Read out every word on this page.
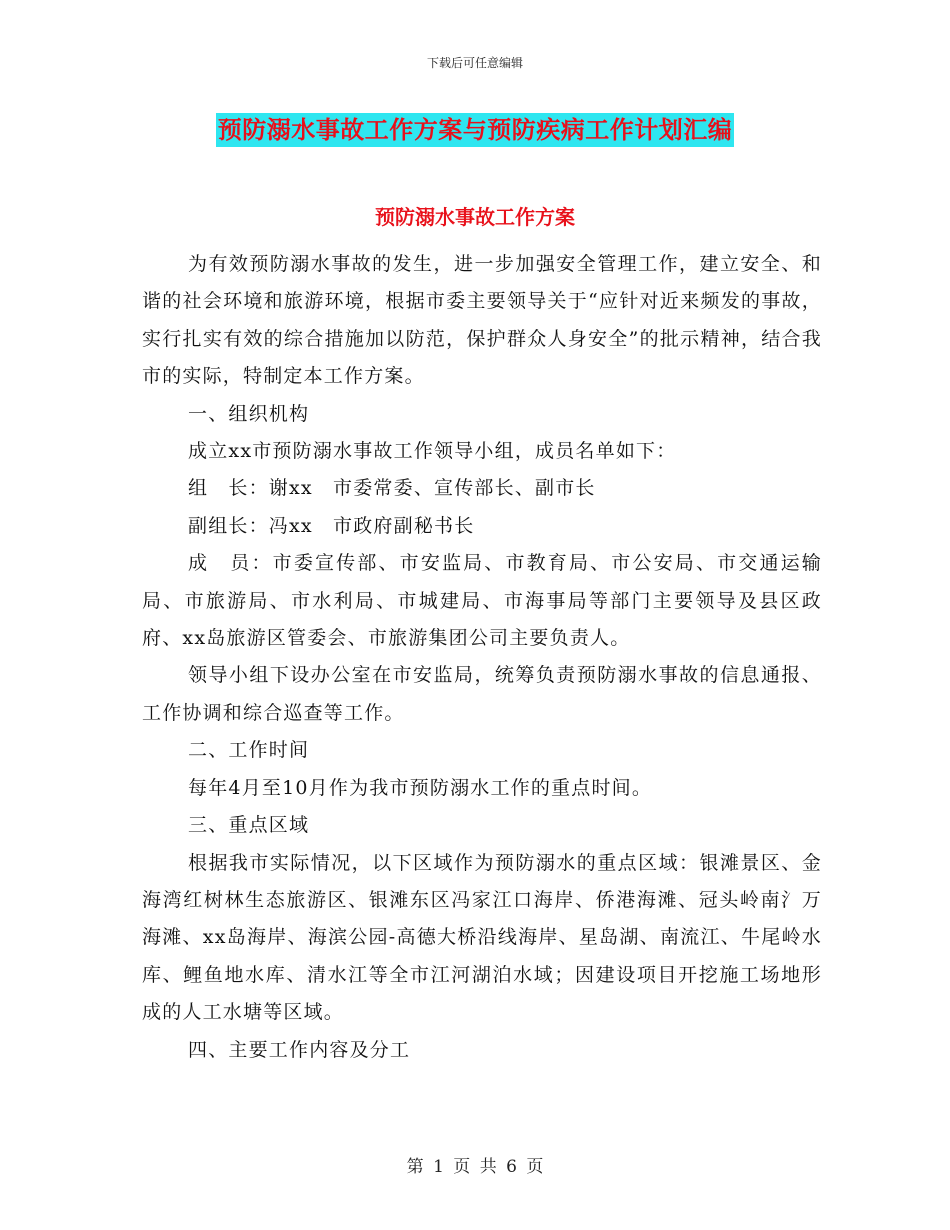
下载后可任意编辑
预防溺水事故工作方案与预防疾病工作计划汇编
预防溺水事故工作方案

为有效预防溺水事故的发生，进一步加强安全管理工作，建立安全、和谐的社会环境和旅游环境，根据市委主要领导关于“应针对近来频发的事故，实行扎实有效的综合措施加以防范，保护群众人身安全”的批示精神，结合我市的实际，特制定本工作方案。

一、组织机构

成立xx市预防溺水事故工作领导小组，成员名单如下：

组　长：谢xx　市委常委、宣传部长、副市长

副组长：冯xx　市政府副秘书长

成　员：市委宣传部、市安监局、市教育局、市公安局、市交通运输局、市旅游局、市水利局、市城建局、市海事局等部门主要领导及县区政府、xx岛旅游区管委会、市旅游集团公司主要负责人。

领导小组下设办公室在市安监局，统筹负责预防溺水事故的信息通报、工作协调和综合巡查等工作。

二、工作时间

每年4月至10月作为我市预防溺水工作的重点时间。

三、重点区域

根据我市实际情况，以下区域作为预防溺水的重点区域：银滩景区、金海湾红树林生态旅游区、银滩东区冯家江口海岸、侨港海滩、冠头岭南氵万海滩、xx岛海岸、海滨公园-高德大桥沿线海岸、星岛湖、南流江、牛尾岭水库、鲤鱼地水库、清水江等全市江河湖泊水域；因建设项目开挖施工场地形成的人工水塘等区域。

四、主要工作内容及分工

第 1 页 共 6 页
